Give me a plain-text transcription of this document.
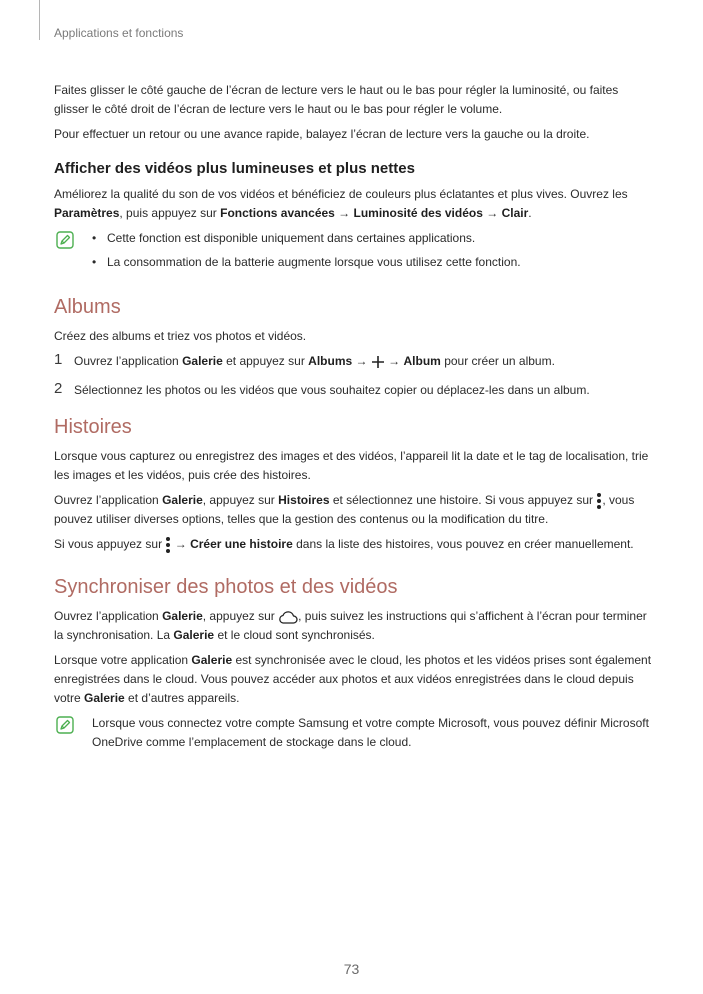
Applications et fonctions

Faites glisser le côté gauche de l’écran de lecture vers le haut ou le bas pour régler la luminosité, ou faites glisser le côté droit de l’écran de lecture vers le haut ou le bas pour régler le volume.

Pour effectuer un retour ou une avance rapide, balayez l’écran de lecture vers la gauche ou la droite.

Afficher des vidéos plus lumineuses et plus nettes

Améliorez la qualité du son de vos vidéos et bénéficiez de couleurs plus éclatantes et plus vives. Ouvrez les Paramètres, puis appuyez sur Fonctions avancées → Luminosité des vidéos → Clair.

• Cette fonction est disponible uniquement dans certaines applications.
• La consommation de la batterie augmente lorsque vous utilisez cette fonction.
Albums

Créez des albums et triez vos photos et vidéos.

1 Ouvrez l’application Galerie et appuyez sur Albums →  → Album pour créer un album.
2 Sélectionnez les photos ou les vidéos que vous souhaitez copier ou déplacez-les dans un album.
Histoires

Lorsque vous capturez ou enregistrez des images et des vidéos, l’appareil lit la date et le tag de localisation, trie les images et les vidéos, puis crée des histoires.

Ouvrez l’application Galerie, appuyez sur Histoires et sélectionnez une histoire. Si vous appuyez sur , vous pouvez utiliser diverses options, telles que la gestion des contenus ou la modification du titre.

Si vous appuyez sur  → Créer une histoire dans la liste des histoires, vous pouvez en créer manuellement.

Synchroniser des photos et des vidéos

Ouvrez l’application Galerie, appuyez sur , puis suivez les instructions qui s’affichent à l’écran pour terminer la synchronisation. La Galerie et le cloud sont synchronisés.

Lorsque votre application Galerie est synchronisée avec le cloud, les photos et les vidéos prises sont également enregistrées dans le cloud. Vous pouvez accéder aux photos et aux vidéos enregistrées dans le cloud depuis votre Galerie et d’autres appareils.

Lorsque vous connectez votre compte Samsung et votre compte Microsoft, vous pouvez définir Microsoft OneDrive comme l’emplacement de stockage dans le cloud.

73
